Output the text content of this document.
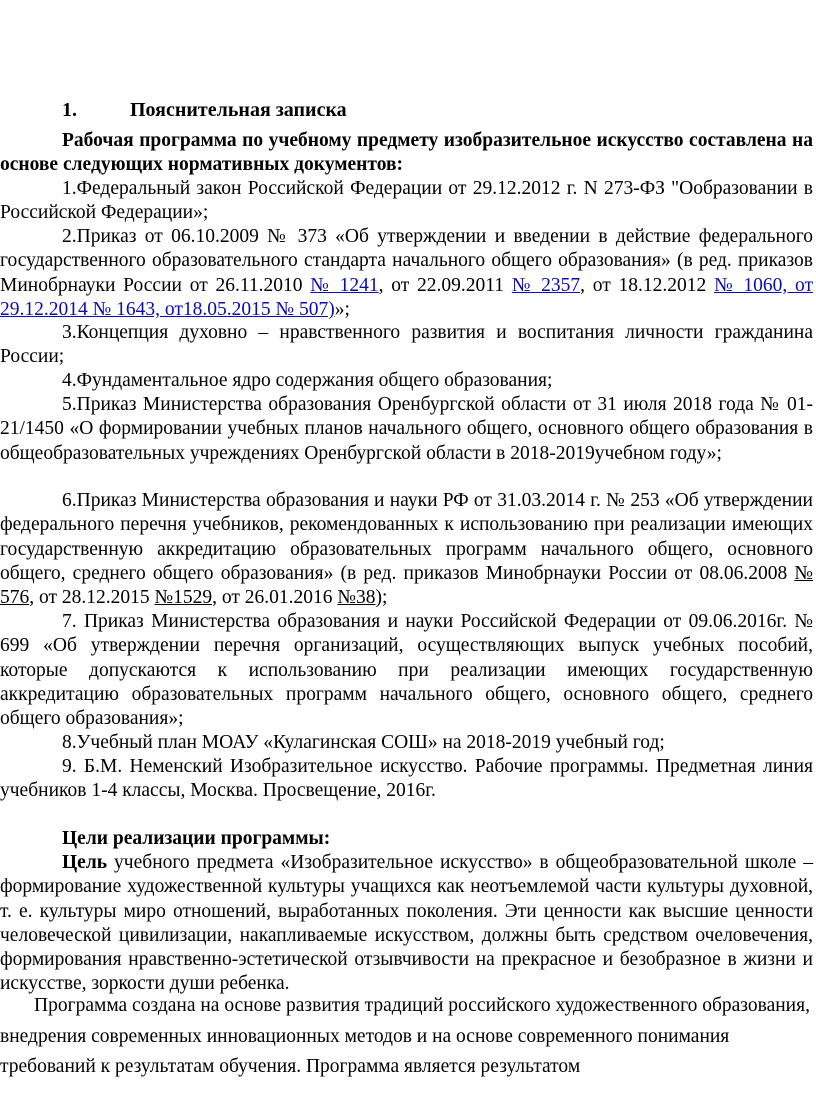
1.	Пояснительная записка

Рабочая программа по учебному предмету изобразительное искусство составлена на основе следующих нормативных документов:

1.Федеральный закон Российской Федерации от 29.12.2012 г. N 273-ФЗ "Oобразовании в Российской Федерации»;

2.Приказ от 06.10.2009 № 373 «Об утверждении и введении в действие федерального государственного образовательного стандарта начального общего образования» (в ред. приказов Минобрнауки России от 26.11.2010 № 1241, от 22.09.2011 № 2357, от 18.12.2012 № 1060, от 29.12.2014 № 1643, от18.05.2015 № 507)»;

3.Концепция духовно – нравственного развития и воспитания личности гражданина России;

4.Фундаментальное ядро содержания общего образования;

5.Приказ Министерства образования Оренбургской области от 31 июля 2018 года № 01-21/1450 «О формировании учебных планов начального общего, основного общего образования в общеобразовательных учреждениях Оренбургской области в 2018-2019учебном году»;

6.Приказ Министерства образования и науки РФ от 31.03.2014 г. № 253 «Об утверждении федерального перечня учебников, рекомендованных к использованию при реализации имеющих государственную аккредитацию образовательных программ начального общего, основного общего, среднего общего образования» (в ред. приказов Минобрнауки России от 08.06.2008 № 576, от 28.12.2015 №1529, от 26.01.2016 №38);

7. Приказ Министерства образования и науки Российской Федерации от 09.06.2016г. № 699 «Об утверждении перечня организаций, осуществляющих выпуск учебных пособий, которые допускаются к использованию при реализации имеющих государственную аккредитацию образовательных программ начального общего, основного общего, среднего общего образования»;

8.Учебный план МОАУ «Кулагинская СОШ» на 2018-2019 учебный год;

9. Б.М. Неменский Изобразительное искусство. Рабочие программы. Предметная линия учебников 1-4 классы, Москва. Просвещение, 2016г.

Цели реализации программы:

Цель учебного предмета «Изобразительное искусство» в общеобразовательной школе –формирование художественной культуры учащихся как неотъемлемой части культуры духовной, т. е. культуры миро отношений, выработанных поколения. Эти ценности как высшие ценности человеческой цивилизации, накапливаемые искусством, должны быть средством очеловечения, формирования нравственно-эстетической отзывчивости на прекрасное и безобразное в жизни и искусстве, зоркости души ребенка.

Программа создана на основе развития традиций российского художественного образования, внедрения современных инновационных методов и на основе современного понимания требований к результатам обучения. Программа является результатом
